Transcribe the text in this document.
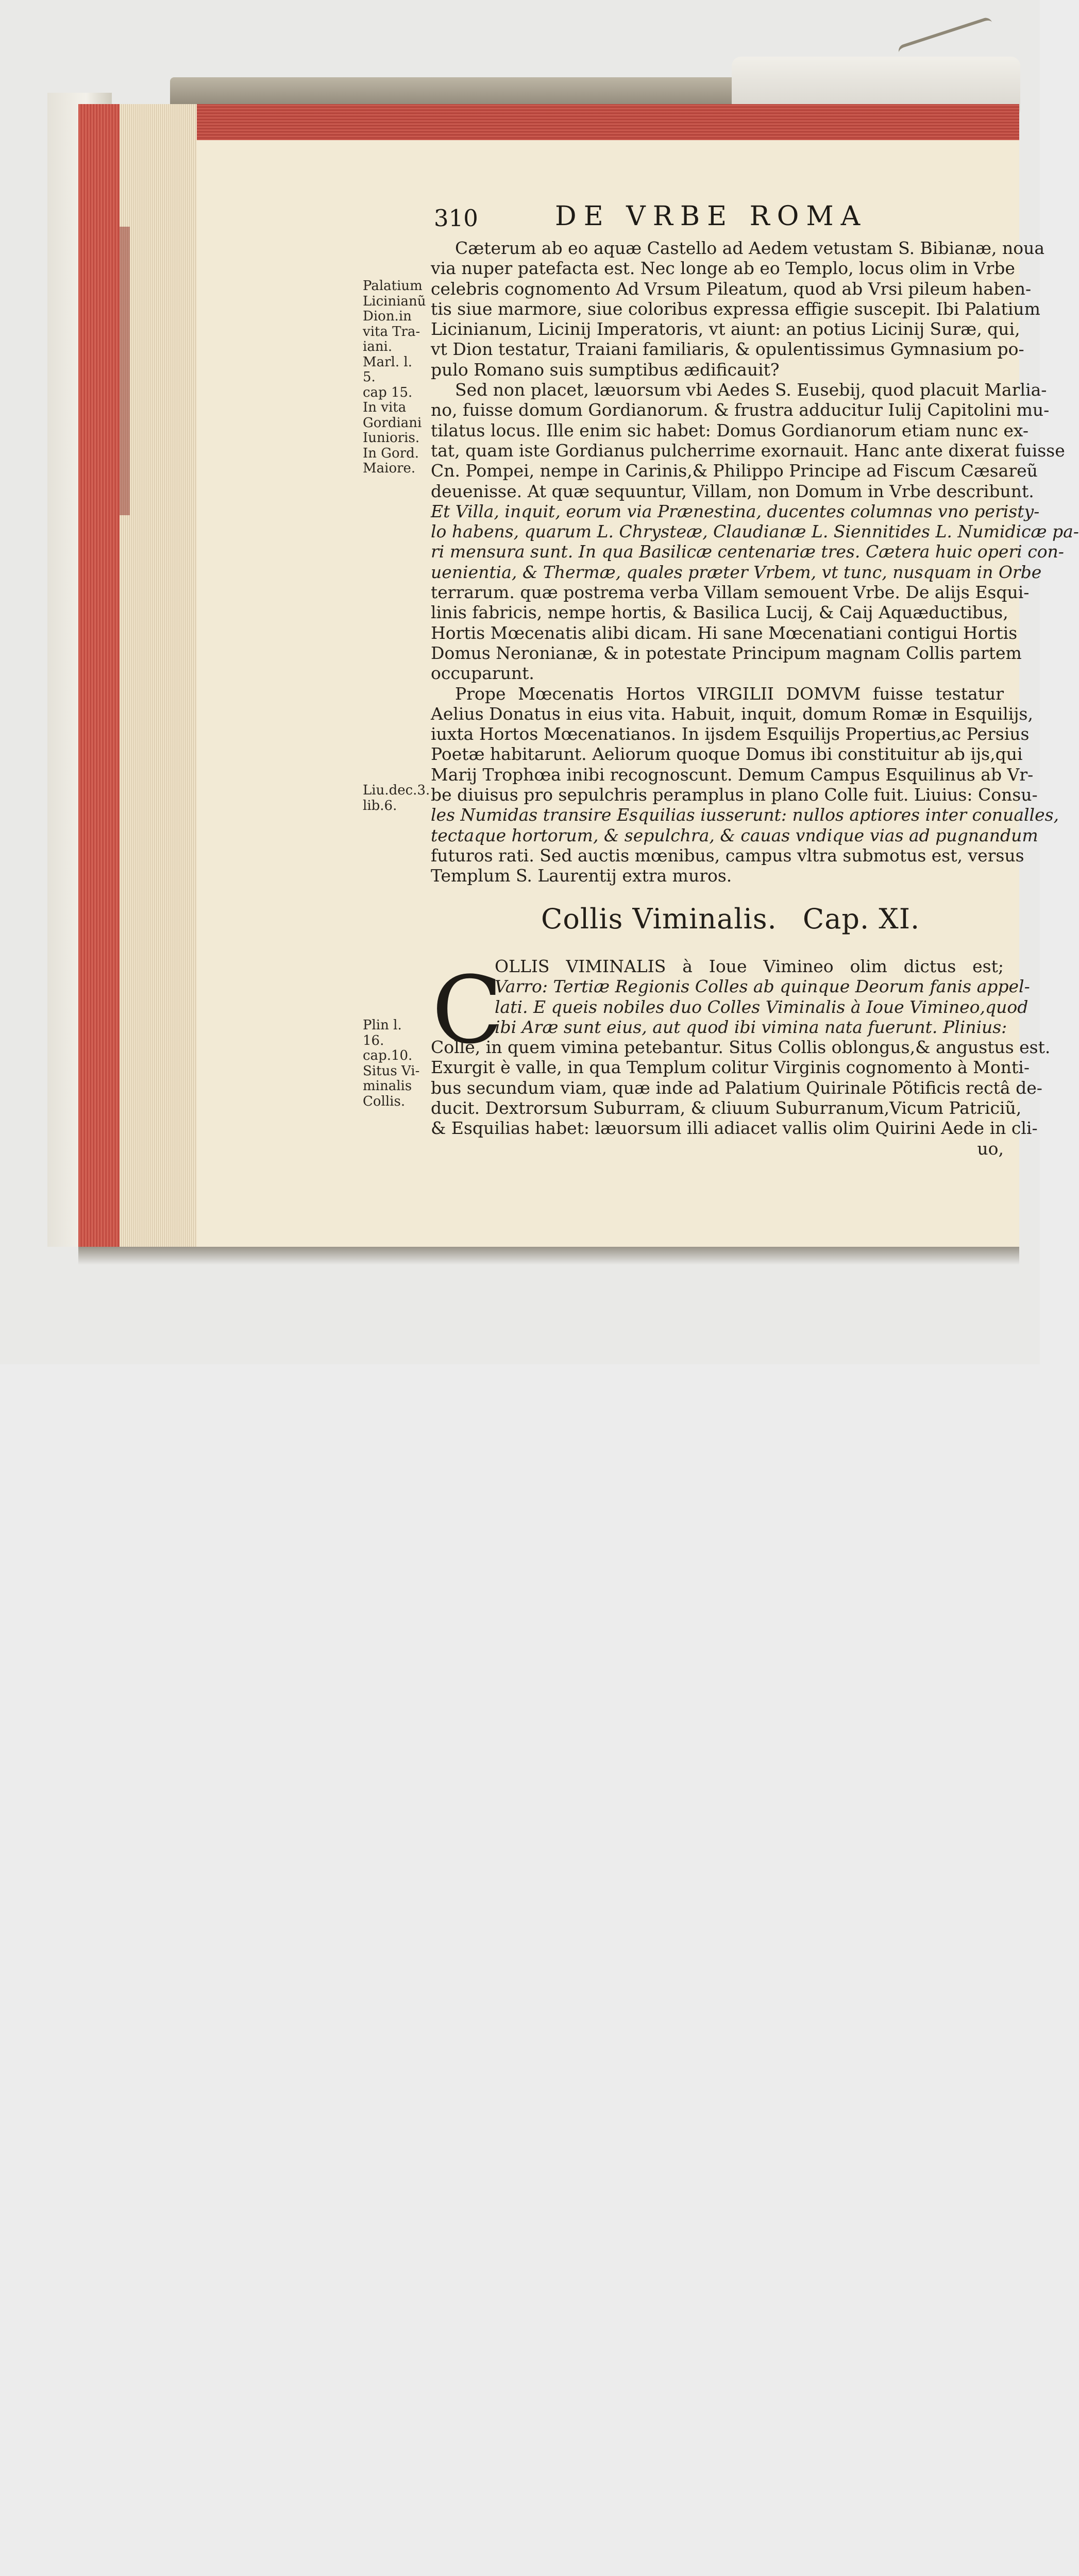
310	DE VRBE ROMA
Palatium
Licinianũ
Dion.in
vita Tra-
iani.
Marl. l. 5.
cap 15.
In vita
Gordiani
Iunioris.
In Gord.
Maiore.
Cæterum ab eo aquæ Castello ad Aedem vetustam S. Bibianæ, noua
via nuper patefacta est. Nec longe ab eo Templo, locus olim in Vrbe
celebris cognomento Ad Vrsum Pileatum, quod ab Vrsi pileum haben-
tis siue marmore, siue coloribus expressa effigie suscepit. Ibi Palatium
Licinianum, Licinij Imperatoris, vt aiunt: an potius Licinij Suræ, qui,
vt Dion testatur, Traiani familiaris, & opulentissimus Gymnasium po-
pulo Romano suis sumptibus ædificauit?
Sed non placet, læuorsum vbi Aedes S. Eusebij, quod placuit Marlia-
no, fuisse domum Gordianorum. & frustra adducitur Iulij Capitolini mu-
tilatus locus. Ille enim sic habet: Domus Gordianorum etiam nunc ex-
tat, quam iste Gordianus pulcherrime exornauit. Hanc ante dixerat fuisse
Cn. Pompei, nempe in Carinis,& Philippo Principe ad Fiscum Cæsareũ
deuenisse. At quæ sequuntur, Villam, non Domum in Vrbe describunt.
Et Villa, inquit, eorum via Prænestina, ducentes columnas vno peristy-
lo habens, quarum L. Chrysteæ, Claudianæ L. Siennitides L. Numidicæ pa-
ri mensura sunt. In qua Basilicæ centenariæ tres. Cætera huic operi con-
uenientia, & Thermæ, quales præter Vrbem, vt tunc, nusquam in Orbe
terrarum. quæ postrema verba Villam semouent Vrbe. De alijs Esqui-
linis fabricis, nempe hortis, & Basilica Lucij, & Caij Aquæductibus,
Hortis Mœcenatis alibi dicam. Hi sane Mœcenatiani contigui Hortis
Domus Neronianæ, & in potestate Principum magnam Collis partem
occuparunt.
Prope Mœcenatis Hortos VIRGILII DOMVM fuisse testatur
Aelius Donatus in eius vita. Habuit, inquit, domum Romæ in Esquilijs,
iuxta Hortos Mœcenatianos. In ijsdem Esquilijs Propertius,ac Persius
Poetæ habitarunt. Aeliorum quoque Domus ibi constituitur ab ijs,qui
Marij Trophœa inibi recognoscunt. Demum Campus Esquilinus ab Vr-
be diuisus pro sepulchris peramplus in plano Colle fuit. Liuius: Consu-
les Numidas transire Esquilias iusserunt: nullos aptiores inter conualles,
tectaque hortorum, & sepulchra, & cauas vndique vias ad pugnandum
futuros rati. Sed auctis mœnibus, campus vltra submotus est, versus
Templum S. Laurentij extra muros.
Liu.dec.3.
lib.6.
Collis Viminalis. Cap. XI.
C
OLLIS VIMINALIS à Ioue Vimineo olim dictus est;
Varro: Tertiæ Regionis Colles ab quinque Deorum fanis appel-
lati. E queis nobiles duo Colles Viminalis à Ioue Vimineo,quod
ibi Aræ sunt eius, aut quod ibi vimina nata fuerunt. Plinius:
Colle, in quem vimina petebantur. Situs Collis oblongus,& angustus est.
Exurgit è valle, in qua Templum colitur Virginis cognomento à Monti-
bus secundum viam, quæ inde ad Palatium Quirinale Põtificis rectâ de-
ducit. Dextrorsum Suburram, & cliuum Suburranum,Vicum Patriciũ,
& Esquilias habet: læuorsum illi adiacet vallis olim Quirini Aede in cli-
uo,
Plin l. 16.
cap.10.
Situs Vi-
minalis
Collis.
